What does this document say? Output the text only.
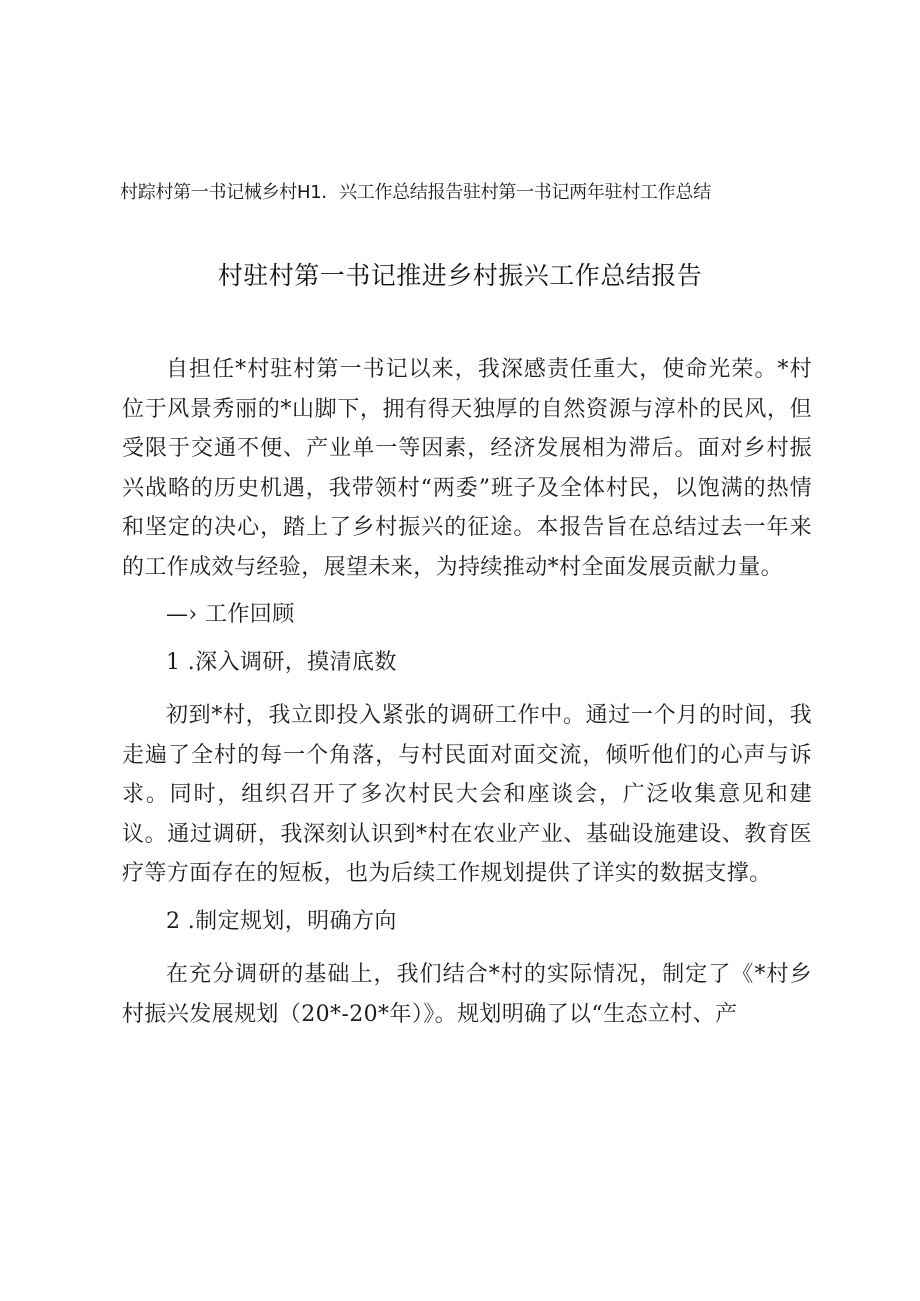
村踪村第一书记械乡村H1．兴工作总结报告驻村第一书记两年驻村工作总结
村驻村第一书记推进乡村振兴工作总结报告

自担任*村驻村第一书记以来，我深感责任重大，使命光荣。*村位于风景秀丽的*山脚下，拥有得天独厚的自然资源与淳朴的民风，但受限于交通不便、产业单一等因素，经济发展相为滞后。面对乡村振兴战略的历史机遇，我带领村“两委”班子及全体村民，以饱满的热情和坚定的决心，踏上了乡村振兴的征途。本报告旨在总结过去一年来的工作成效与经验，展望未来，为持续推动*村全面发展贡献力量。

—› 工作回顾

1 .深入调研，摸清底数

初到*村，我立即投入紧张的调研工作中。通过一个月的时间，我走遍了全村的每一个角落，与村民面对面交流，倾听他们的心声与诉求。同时，组织召开了多次村民大会和座谈会，广泛收集意见和建议。通过调研，我深刻认识到*村在农业产业、基础设施建设、教育医疗等方面存在的短板，也为后续工作规划提供了详实的数据支撑。

2 .制定规划，明确方向

在充分调研的基础上，我们结合*村的实际情况，制定了《*村乡村振兴发展规划（20*-20*年）》。规划明确了以“生态立村、产
